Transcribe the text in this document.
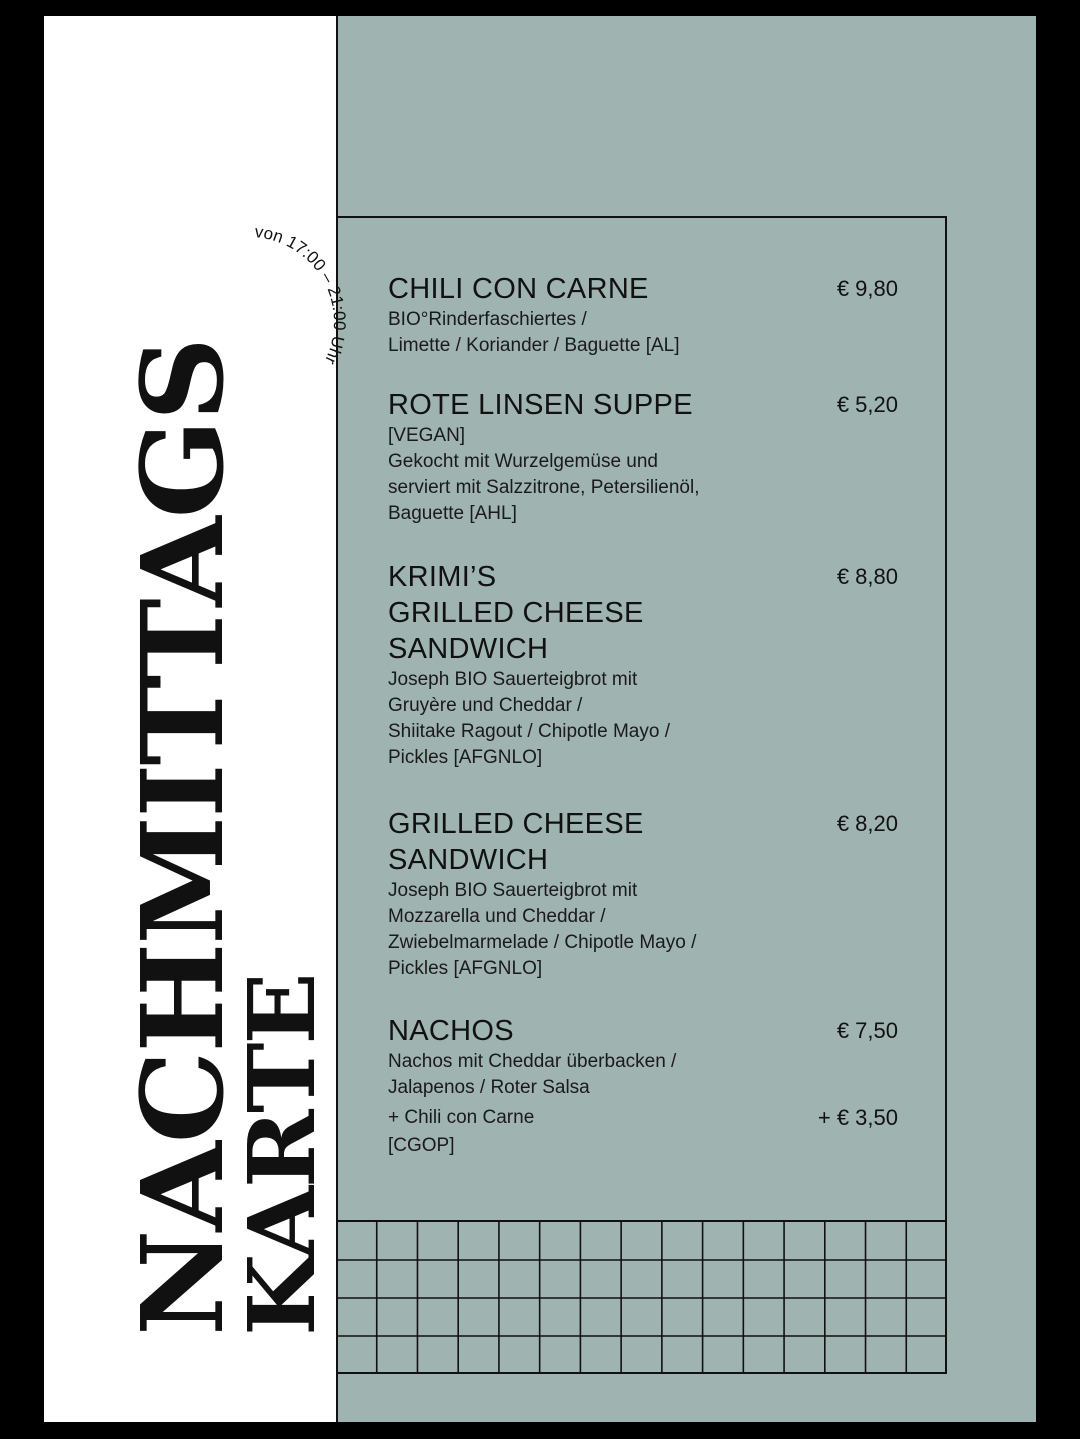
NACHMITTAGS
KARTE
von 17:00 – 21:00 Uhr
CHILI CON CARNE	€ 9,80
BIO°Rinderfaschiertes /
Limette / Koriander / Baguette [AL]
ROTE LINSEN SUPPE	€ 5,20
[VEGAN]
Gekocht mit Wurzelgemüse und
serviert mit Salzzitrone, Petersilienöl,
Baguette [AHL]
KRIMI’S
GRILLED CHEESE
SANDWICH
€ 8,80
Joseph BIO Sauerteigbrot mit
Gruyère und Cheddar /
Shiitake Ragout / Chipotle Mayo /
Pickles [AFGNLO]
GRILLED CHEESE
SANDWICH
€ 8,20
Joseph BIO Sauerteigbrot mit
Mozzarella und Cheddar /
Zwiebelmarmelade / Chipotle Mayo /
Pickles [AFGNLO]
NACHOS	€ 7,50
Nachos mit Cheddar überbacken /
Jalapenos / Roter Salsa
+ Chili con Carne	+ € 3,50
[CGOP]
